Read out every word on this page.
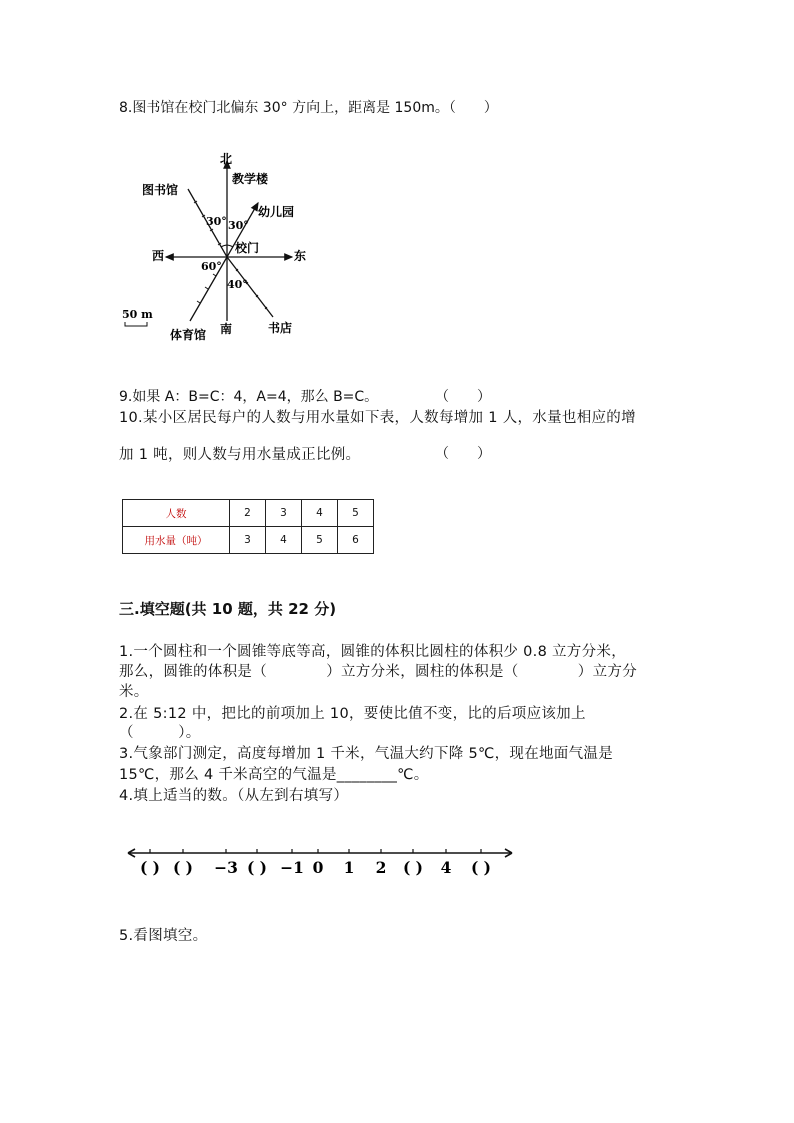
8.图书馆在校门北偏东 30° 方向上，距离是 150m。（　　）
北
教学楼
图书馆
幼儿园
30° 30°
校门
西	东
60°
40°
50 m
南	书店
体育馆
9.如果 A：B=C：4，A=4，那么 B=C。	（　　）
10.某小区居民每户的人数与用水量如下表，人数每增加 1 人，水量也相应的增
加 1 吨，则人数与用水量成正比例。	（　　）
人数	2	3	4	5
用水量（吨）	3	4	5	6
三.填空题(共 10 题，共 22 分)
1.一个圆柱和一个圆锥等底等高，圆锥的体积比圆柱的体积少 0.8 立方分米，
那么，圆锥的体积是（　　　　）立方分米，圆柱的体积是（　　　　）立方分
米。
2.在 5:12 中，把比的前项加上 10，要使比值不变，比的后项应该加上
（　　　）。
3.气象部门测定，高度每增加 1 千米，气温大约下降 5℃，现在地面气温是
15℃，那么 4 千米高空的气温是________℃。
4.填上适当的数。（从左到右填写）
( ) ( ) −3 ( ) −1 0 1 2 ( ) 4 ( )
5.看图填空。
